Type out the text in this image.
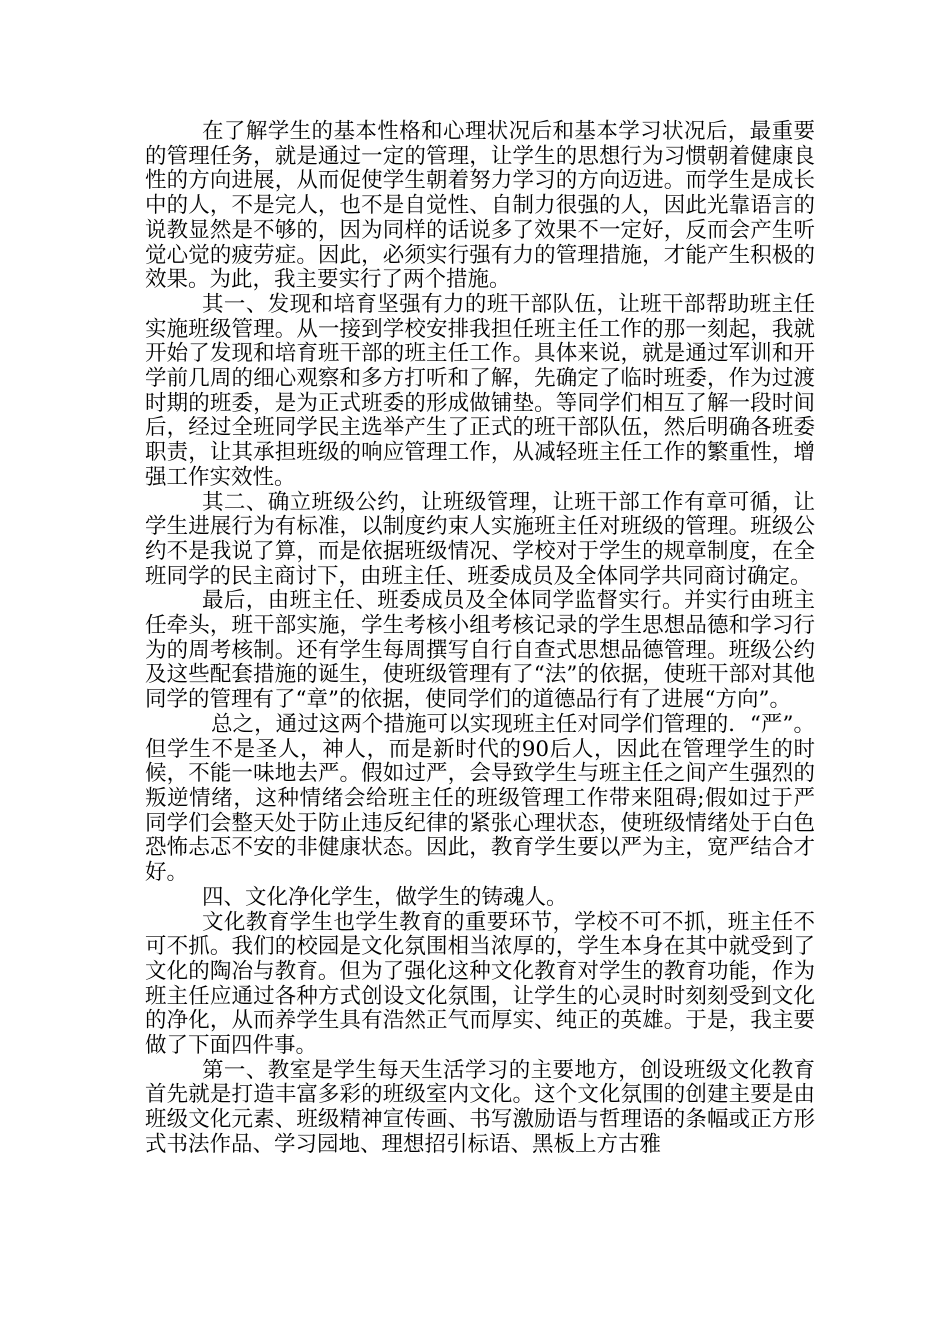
在了解学生的基本性格和心理状况后和基本学习状况后，最重要的管理任务，就是通过一定的管理，让学生的思想行为习惯朝着健康良性的方向进展，从而促使学生朝着努力学习的方向迈进。而学生是成长中的人，不是完人，也不是自觉性、自制力很强的人，因此光靠语言的说教显然是不够的，因为同样的话说多了效果不一定好，反而会产生听觉心觉的疲劳症。因此，必须实行强有力的管理措施，才能产生积极的效果。为此，我主要实行了两个措施。

其一、发现和培育坚强有力的班干部队伍，让班干部帮助班主任实施班级管理。从一接到学校安排我担任班主任工作的那一刻起，我就开始了发现和培育班干部的班主任工作。具体来说，就是通过军训和开学前几周的细心观察和多方打听和了解，先确定了临时班委，作为过渡时期的班委，是为正式班委的形成做铺垫。等同学们相互了解一段时间后，经过全班同学民主选举产生了正式的班干部队伍，然后明确各班委职责，让其承担班级的响应管理工作，从减轻班主任工作的繁重性，增强工作实效性。

其二、确立班级公约，让班级管理，让班干部工作有章可循，让学生进展行为有标准，以制度约束人实施班主任对班级的管理。班级公约不是我说了算，而是依据班级情况、学校对于学生的规章制度，在全班同学的民主商讨下，由班主任、班委成员及全体同学共同商讨确定。

最后，由班主任、班委成员及全体同学监督实行。并实行由班主任牵头，班干部实施，学生考核小组考核记录的学生思想品德和学习行为的周考核制。还有学生每周撰写自行自查式思想品德管理。班级公约及这些配套措施的诞生，使班级管理有了“法”的依据，使班干部对其他同学的管理有了“章”的依据，使同学们的道德品行有了进展“方向”。

总之，通过这两个措施可以实现班主任对同学们管理的．“严”。但学生不是圣人，神人，而是新时代的90后人，因此在管理学生的时候，不能一味地去严。假如过严，会导致学生与班主任之间产生强烈的叛逆情绪，这种情绪会给班主任的班级管理工作带来阻碍;假如过于严同学们会整天处于防止违反纪律的紧张心理状态，使班级情绪处于白色恐怖忐忑不安的非健康状态。因此，教育学生要以严为主，宽严结合才好。

四、文化净化学生，做学生的铸魂人。

文化教育学生也学生教育的重要环节，学校不可不抓，班主任不可不抓。我们的校园是文化氛围相当浓厚的，学生本身在其中就受到了文化的陶冶与教育。但为了强化这种文化教育对学生的教育功能，作为班主任应通过各种方式创设文化氛围，让学生的心灵时时刻刻受到文化的净化，从而养学生具有浩然正气而厚实、纯正的英雄。于是，我主要做了下面四件事。

第一、教室是学生每天生活学习的主要地方，创设班级文化教育首先就是打造丰富多彩的班级室内文化。这个文化氛围的创建主要是由班级文化元素、班级精神宣传画、书写激励语与哲理语的条幅或正方形式书法作品、学习园地、理想招引标语、黑板上方古雅
